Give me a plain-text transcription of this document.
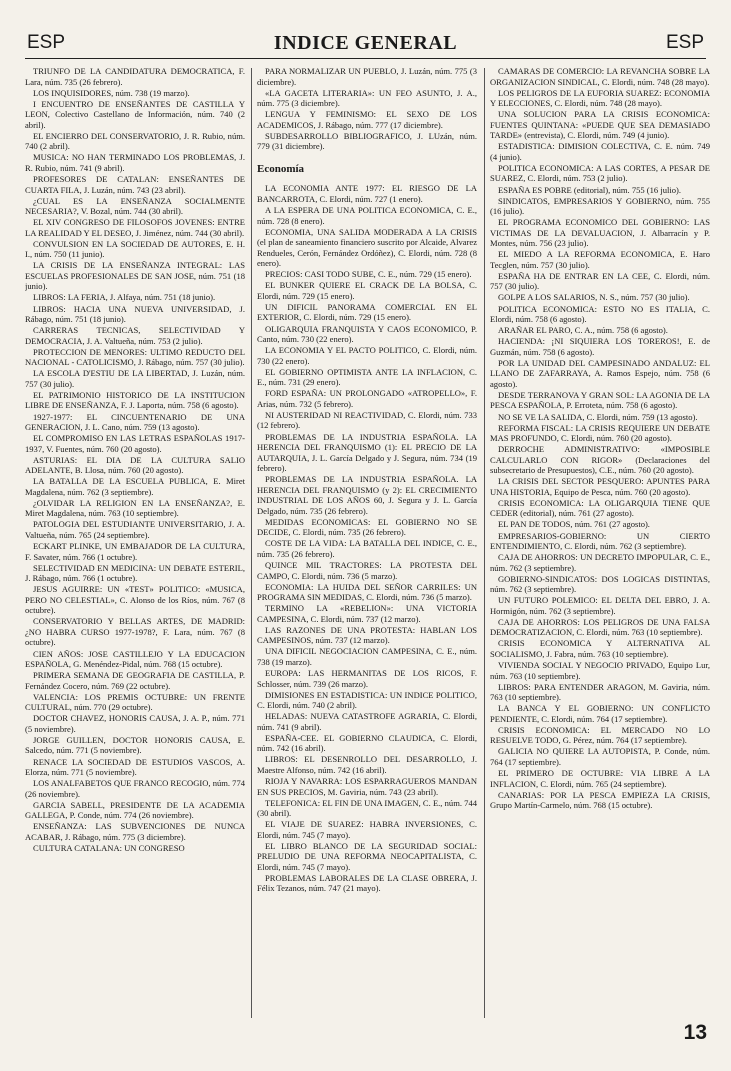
ESP	INDICE GENERAL	ESP

TRIUNFO DE LA CANDIDATURA DEMOCRATICA, F. Lara, núm. 735 (26 febrero).

LOS INQUISIDORES, núm. 738 (19 marzo).

I ENCUENTRO DE ENSEÑANTES DE CASTILLA Y LEON, Colectivo Castellano de Información, núm. 740 (2 abril).

EL ENCIERRO DEL CONSERVATORIO, J. R. Rubio, núm. 740 (2 abril).

MUSICA: NO HAN TERMINADO LOS PROBLEMAS, J. R. Rubio, núm. 741 (9 abril).

PROFESORES DE CATALAN: ENSEÑANTES DE CUARTA FILA, J. Luzán, núm. 743 (23 abril).

¿CUAL ES LA ENSEÑANZA SOCIALMENTE NECESARIA?, V. Bozal, núm. 744 (30 abril).

EL XIV CONGRESO DE FILOSOFOS JOVENES: ENTRE LA REALIDAD Y EL DESEO, J. Jiménez, núm. 744 (30 abril).

CONVULSION EN LA SOCIEDAD DE AUTORES, E. H. I., núm. 750 (11 junio).

LA CRISIS DE LA ENSEÑANZA INTEGRAL: LAS ESCUELAS PROFESIONALES DE SAN JOSE, núm. 751 (18 junio).

LIBROS: LA FERIA, J. Alfaya, núm. 751 (18 junio).

LIBROS: HACIA UNA NUEVA UNIVERSIDAD, J. Rábago, núm. 751 (18 junio).

CARRERAS TECNICAS, SELECTIVIDAD Y DEMOCRACIA, J. A. Valtueña, núm. 753 (2 julio).

PROTECCION DE MENORES: ULTIMO REDUCTO DEL NACIONAL - CATOLICISMO, J. Rábago, núm. 757 (30 julio).

LA ESCOLA D'ESTIU DE LA LIBERTAD, J. Luzán, núm. 757 (30 julio).

EL PATRIMONIO HISTORICO DE LA INSTITUCION LIBRE DE ENSEÑANZA, F. J. Laporta, núm. 758 (6 agosto).

1927-1977: EL CINCUENTENARIO DE UNA GENERACION, J. L. Cano, núm. 759 (13 agosto).

EL COMPROMISO EN LAS LETRAS ESPAÑOLAS 1917-1937, V. Fuentes, núm. 760 (20 agosto).

ASTURIAS: EL DIA DE LA CULTURA SALIO ADELANTE, B. Llosa, núm. 760 (20 agosto).

LA BATALLA DE LA ESCUELA PUBLICA, E. Miret Magdalena, núm. 762 (3 septiembre).

¿OLVIDAR LA RELIGION EN LA ENSEÑANZA?, E. Miret Magdalena, núm. 763 (10 septiembre).

PATOLOGIA DEL ESTUDIANTE UNIVERSITARIO, J. A. Valtueña, núm. 765 (24 septiembre).

ECKART PLINKE, UN EMBAJADOR DE LA CULTURA, F. Savater, núm. 766 (1 octubre).

SELECTIVIDAD EN MEDICINA: UN DEBATE ESTERIL, J. Rábago, núm. 766 (1 octubre).

JESUS AGUIRRE: UN «TEST» POLITICO: «MUSICA, PERO NO CELESTIAL», C. Alonso de los Ríos, núm. 767 (8 octubre).

CONSERVATORIO Y BELLAS ARTES, DE MADRID: ¿NO HABRA CURSO 1977-1978?, F. Lara, núm. 767 (8 octubre).

CIEN AÑOS: JOSE CASTILLEJO Y LA EDUCACION ESPAÑOLA, G. Menéndez-Pidal, núm. 768 (15 octubre).

PRIMERA SEMANA DE GEOGRAFIA DE CASTILLA, P. Fernández Cocero, núm. 769 (22 octubre).

VALENCIA: LOS PREMIS OCTUBRE: UN FRENTE CULTURAL, núm. 770 (29 octubre).

DOCTOR CHAVEZ, HONORIS CAUSA, J. A. P., núm. 771 (5 noviembre).

JORGE GUILLEN, DOCTOR HONORIS CAUSA, E. Salcedo, núm. 771 (5 noviembre).

RENACE LA SOCIEDAD DE ESTUDIOS VASCOS, A. Elorza, núm. 771 (5 noviembre).

LOS ANALFABETOS QUE FRANCO RECOGIO, núm. 774 (26 noviembre).

GARCIA SABELL, PRESIDENTE DE LA ACADEMIA GALLEGA, P. Conde, núm. 774 (26 noviembre).

ENSEÑANZA: LAS SUBVENCIONES DE NUNCA ACABAR, J. Rábago, núm. 775 (3 diciembre).

CULTURA CATALANA: UN CONGRESO

PARA NORMALIZAR UN PUEBLO, J. Luzán, núm. 775 (3 diciembre).

«LA GACETA LITERARIA»: UN FEO ASUNTO, J. A., núm. 775 (3 diciembre).

LENGUA Y FEMINISMO: EL SEXO DE LOS ACADEMICOS, J. Rábago, núm. 777 (17 diciembre).

SUBDESARROLLO BIBLIOGRAFICO, J. LUzán, núm. 779 (31 diciembre).

Economía

LA ECONOMIA ANTE 1977: EL RIESGO DE LA BANCARROTA, C. Elordi, núm. 727 (1 enero).

A LA ESPERA DE UNA POLITICA ECONOMICA, C. E., núm. 728 (8 enero).

ECONOMIA, UNA SALIDA MODERADA A LA CRISIS (el plan de saneamiento financiero suscrito por Alcaide, Alvarez Rendueles, Cerón, Fernández Ordóñez), C. Elordi, núm. 728 (8 enero).

PRECIOS: CASI TODO SUBE, C. E., núm. 729 (15 enero).

EL BUNKER QUIERE EL CRACK DE LA BOLSA, C. Elordi, núm. 729 (15 enero).

UN DIFICIL PANORAMA COMERCIAL EN EL EXTERIOR, C. Elordi, núm. 729 (15 enero).

OLIGARQUIA FRANQUISTA Y CAOS ECONOMICO, P. Canto, núm. 730 (22 enero).

LA ECONOMIA Y EL PACTO POLITICO, C. Elordi, núm. 730 (22 enero).

EL GOBIERNO OPTIMISTA ANTE LA INFLACION, C. E., núm. 731 (29 enero).

FORD ESPAÑA: UN PROLONGADO «ATROPELLO», F. Arias, núm. 732 (5 febrero).

NI AUSTERIDAD NI REACTIVIDAD, C. Elordi, núm. 733 (12 febrero).

PROBLEMAS DE LA INDUSTRIA ESPAÑOLA. LA HERENCIA DEL FRANQUISMO (1): EL PRECIO DE LA AUTARQUIA, J. L. García Delgado y J. Segura, núm. 734 (19 febrero).

PROBLEMAS DE LA INDUSTRIA ESPAÑOLA. LA HERENCIA DEL FRANQUISMO (y 2): EL CRECIMIENTO INDUSTRIAL DE LOS AÑOS 60, J. Segura y J. L. García Delgado, núm. 735 (26 febrero).

MEDIDAS ECONOMICAS: EL GOBIERNO NO SE DECIDE, C. Elordi, núm. 735 (26 febrero).

COSTE DE LA VIDA: LA BATALLA DEL INDICE, C. E., núm. 735 (26 febrero).

QUINCE MIL TRACTORES: LA PROTESTA DEL CAMPO, C. Elordi, núm. 736 (5 marzo).

ECONOMIA: LA HUIDA DEL SEÑOR CARRILES: UN PROGRAMA SIN MEDIDAS, C. Elordi, núm. 736 (5 marzo).

TERMINO LA «REBELION»: UNA VICTORIA CAMPESINA, C. Elordi, núm. 737 (12 marzo).

LAS RAZONES DE UNA PROTESTA: HABLAN LOS CAMPESINOS, núm. 737 (12 marzo).

UNA DIFICIL NEGOCIACION CAMPESINA, C. E., núm. 738 (19 marzo).

EUROPA: LAS HERMANITAS DE LOS RICOS, F. Schlosser, núm. 739 (26 marzo).

DIMISIONES EN ESTADISTICA: UN INDICE POLITICO, C. Elordi, núm. 740 (2 abril).

HELADAS: NUEVA CATASTROFE AGRARIA, C. Elordi, núm. 741 (9 abril).

ESPAÑA-CEE. EL GOBIERNO CLAUDICA, C. Elordi, núm. 742 (16 abril).

LIBROS: EL DESENROLLO DEL DESARROLLO, J. Maestre Alfonso, núm. 742 (16 abril).

RIOJA Y NAVARRA: LOS ESPARRAGUEROS MANDAN EN SUS PRECIOS, M. Gaviria, núm. 743 (23 abril).

TELEFONICA: EL FIN DE UNA IMAGEN, C. E., núm. 744 (30 abril).

EL VIAJE DE SUAREZ: HABRA INVERSIONES, C. Elordi, núm. 745 (7 mayo).

EL LIBRO BLANCO DE LA SEGURIDAD SOCIAL: PRELUDIO DE UNA REFORMA NEOCAPITALISTA, C. Elordi, núm. 745 (7 mayo).

PROBLEMAS LABORALES DE LA CLASE OBRERA, J. Félix Tezanos, núm. 747 (21 mayo).

CAMARAS DE COMERCIO: LA REVANCHA SOBRE LA ORGANIZACION SINDICAL, C. Elordi, núm. 748 (28 mayo).

LOS PELIGROS DE LA EUFORIA SUAREZ: ECONOMIA Y ELECCIONES, C. Elordi, núm. 748 (28 mayo).

UNA SOLUCION PARA LA CRISIS ECONOMICA: FUENTES QUINTANA: «PUEDE QUE SEA DEMASIADO TARDE» (entrevista), C. Elordi, núm. 749 (4 junio).

ESTADISTICA: DIMISION COLECTIVA, C. E. núm. 749 (4 junio).

POLITICA ECONOMICA: A LAS CORTES, A PESAR DE SUAREZ, C. Elordi, núm. 753 (2 julio).

ESPAÑA ES POBRE (editorial), núm. 755 (16 julio).

SINDICATOS, EMPRESARIOS Y GOBIERNO, núm. 755 (16 julio).

EL PROGRAMA ECONOMICO DEL GOBIERNO: LAS VICTIMAS DE LA DEVALUACION, J. Albarracín y P. Montes, núm. 756 (23 julio).

EL MIEDO A LA REFORMA ECONOMICA, E. Haro Tecglen, núm. 757 (30 julio).

ESPAÑA HA DE ENTRAR EN LA CEE, C. Elordi, núm. 757 (30 julio).

GOLPE A LOS SALARIOS, N. S., núm. 757 (30 julio).

POLITICA ECONOMICA: ESTO NO ES ITALIA, C. Elordi, núm. 758 (6 agosto).

ARAÑAR EL PARO, C. A., núm. 758 (6 agosto).

HACIENDA: ¡NI SIQUIERA LOS TOREROS!, E. de Guzmán, núm. 758 (6 agosto).

POR LA UNIDAD DEL CAMPESINADO ANDALUZ: EL LLANO DE ZAFARRAYA, A. Ramos Espejo, núm. 758 (6 agosto).

DESDE TERRANOVA Y GRAN SOL: LA AGONIA DE LA PESCA ESPAÑOLA, P. Erroteta, núm. 758 (6 agosto).

NO SE VE LA SALIDA, C. Elordi, núm. 759 (13 agosto).

REFORMA FISCAL: LA CRISIS REQUIERE UN DEBATE MAS PROFUNDO, C. Elordi, núm. 760 (20 agosto).

DERROCHE ADMINISTRATIVO: «IMPOSIBLE CALCULARLO CON RIGOR» (Declaraciones del subsecretario de Presupuestos), C.E., núm. 760 (20 agosto).

LA CRISIS DEL SECTOR PESQUERO: APUNTES PARA UNA HISTORIA, Equipo de Pesca, núm. 760 (20 agosto).

CRISIS ECONOMICA: LA OLIGARQUIA TIENE QUE CEDER (editorial), núm. 761 (27 agosto).

EL PAN DE TODOS, núm. 761 (27 agosto).

EMPRESARIOS-GOBIERNO: UN CIERTO ENTENDIMIENTO, C. Elordi, núm. 762 (3 septiembre).

CAJA DE AHORROS: UN DECRETO IMPOPULAR, C. E., núm. 762 (3 septiembre).

GOBIERNO-SINDICATOS: DOS LOGICAS DISTINTAS, núm. 762 (3 septiembre).

UN FUTURO POLEMICO: EL DELTA DEL EBRO, J. A. Hormigón, núm. 762 (3 septiembre).

CAJA DE AHORROS: LOS PELIGROS DE UNA FALSA DEMOCRATIZACION, C. Elordi, núm. 763 (10 septiembre).

CRISIS ECONOMICA Y ALTERNATIVA AL SOCIALISMO, J. Fabra, núm. 763 (10 septiembre).

VIVIENDA SOCIAL Y NEGOCIO PRIVADO, Equipo Lur, núm. 763 (10 septiembre).

LIBROS: PARA ENTENDER ARAGON, M. Gaviria, núm. 763 (10 septiembre).

LA BANCA Y EL GOBIERNO: UN CONFLICTO PENDIENTE, C. Elordi, núm. 764 (17 septiembre).

CRISIS ECONOMICA: EL MERCADO NO LO RESUELVE TODO, G. Pérez, núm. 764 (17 septiembre).

GALICIA NO QUIERE LA AUTOPISTA, P. Conde, núm. 764 (17 septiembre).

EL PRIMERO DE OCTUBRE: VIA LIBRE A LA INFLACION, C. Elordi, núm. 765 (24 septiembre).

CANARIAS: POR LA PESCA EMPIEZA LA CRISIS, Grupo Martín-Carmelo, núm. 768 (15 octubre).

13
